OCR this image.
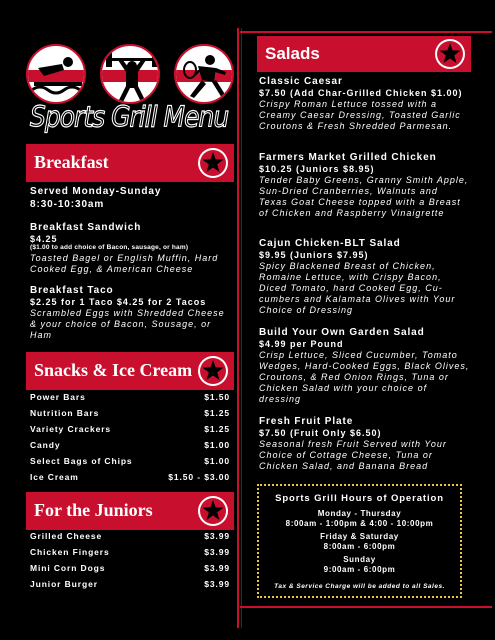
Sports Grill Menu
Breakfast
Served Monday-Sunday
8:30-10:30am
Breakfast Sandwich
$4.25
($1.00 to add choice of Bacon, sausage, or ham)
Toasted Bagel or English Muffin, Hard Cooked Egg, & American Cheese
Breakfast Taco
$2.25 for 1 Taco $4.25 for 2 Tacos
Scrambled Eggs with Shredded Cheese & your choice of Bacon, Sousage, or Ham
Snacks & Ice Cream
Power Bars	$1.50
Nutrition Bars	$1.25
Variety Crackers	$1.25
Candy	$1.00
Select Bags of Chips	$1.00
Ice Cream	$1.50 - $3.00
For the Juniors
Grilled Cheese	$3.99
Chicken Fingers	$3.99
Mini Corn Dogs	$3.99
Junior Burger	$3.99
Salads
Classic Caesar
$7.50 (Add Char-Grilled Chicken $1.00)
Crispy Roman Lettuce tossed with a Creamy Caesar Dressing, Toasted Garlic Croutons & Fresh Shredded Parmesan.
Farmers Market Grilled Chicken
$10.25 (Juniors $8.95)
Tender Baby Greens, Granny Smith Apple, Sun-Dried Cranberries, Walnuts and Texas Goat Cheese topped with a Breast of Chicken and Raspberry Vinaigrette
Cajun Chicken-BLT Salad
$9.95 (Juniors $7.95)
Spicy Blackened Breast of Chicken, Romaine Lettuce, with Crispy Bacon, Diced Tomato, hard Cooked Egg, Cu- cumbers and Kalamata Olives with Your Choice of Dressing
Build Your Own Garden Salad
$4.99 per Pound
Crisp Lettuce, Sliced Cucumber, Tomato Wedges, Hard-Cooked Eggs, Black Olives, Croutons, & Red Onion Rings, Tuna or Chicken Salad with your choice of dressing
Fresh Fruit Plate
$7.50 (Fruit Only $6.50)
Seasonal fresh Fruit Served with Your Choice of Cottage Cheese, Tuna or Chicken Salad, and Banana Bread
Sports Grill Hours of Operation
Monday - Thursday
8:00am - 1:00pm & 4:00 - 10:00pm
Friday & Saturday
8:00am - 6:00pm
Sunday
9:00am - 6:00pm
Tax & Service Charge will be added to all Sales.
